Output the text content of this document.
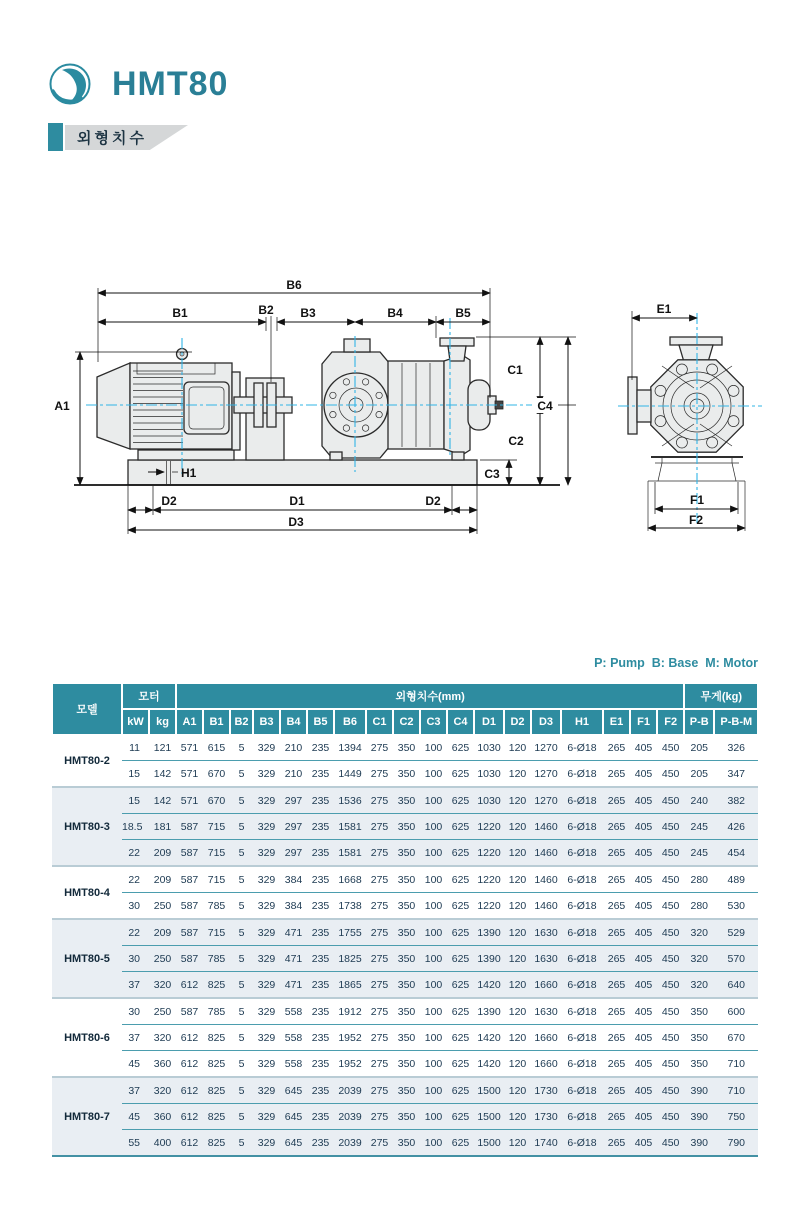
HMT80
외형치수
B6
B1	B2 B3	B4	B5
A1
C1
C4
C2
C3
H1
D2	D1	D2
D3
E1
F1
F2
P: Pump  B: Base  M: Motor
모델	모터		외형치수(mm)																		무게(kg)	
	kW	kg	A1	B1	B2	B3	B4	B5	B6	C1	C2	C3	C4	D1	D2	D3	H1	E1	F1	F2	P-B	P-B-M
HMT80-2	11	121	571	615	5	329	210	235	1394	275	350	100	625	1030	120	1270	6-Ø18	265	405	450	205	326
	15	142	571	670	5	329	210	235	1449	275	350	100	625	1030	120	1270	6-Ø18	265	405	450	205	347
HMT80-3	15	142	571	670	5	329	297	235	1536	275	350	100	625	1030	120	1270	6-Ø18	265	405	450	240	382
	18.5	181	587	715	5	329	297	235	1581	275	350	100	625	1220	120	1460	6-Ø18	265	405	450	245	426
	22	209	587	715	5	329	297	235	1581	275	350	100	625	1220	120	1460	6-Ø18	265	405	450	245	454
HMT80-4	22	209	587	715	5	329	384	235	1668	275	350	100	625	1220	120	1460	6-Ø18	265	405	450	280	489
	30	250	587	785	5	329	384	235	1738	275	350	100	625	1220	120	1460	6-Ø18	265	405	450	280	530
HMT80-5	22	209	587	715	5	329	471	235	1755	275	350	100	625	1390	120	1630	6-Ø18	265	405	450	320	529
	30	250	587	785	5	329	471	235	1825	275	350	100	625	1390	120	1630	6-Ø18	265	405	450	320	570
	37	320	612	825	5	329	471	235	1865	275	350	100	625	1420	120	1660	6-Ø18	265	405	450	320	640
HMT80-6	30	250	587	785	5	329	558	235	1912	275	350	100	625	1390	120	1630	6-Ø18	265	405	450	350	600
	37	320	612	825	5	329	558	235	1952	275	350	100	625	1420	120	1660	6-Ø18	265	405	450	350	670
	45	360	612	825	5	329	558	235	1952	275	350	100	625	1420	120	1660	6-Ø18	265	405	450	350	710
HMT80-7	37	320	612	825	5	329	645	235	2039	275	350	100	625	1500	120	1730	6-Ø18	265	405	450	390	710
	45	360	612	825	5	329	645	235	2039	275	350	100	625	1500	120	1730	6-Ø18	265	405	450	390	750
	55	400	612	825	5	329	645	235	2039	275	350	100	625	1500	120	1740	6-Ø18	265	405	450	390	790
